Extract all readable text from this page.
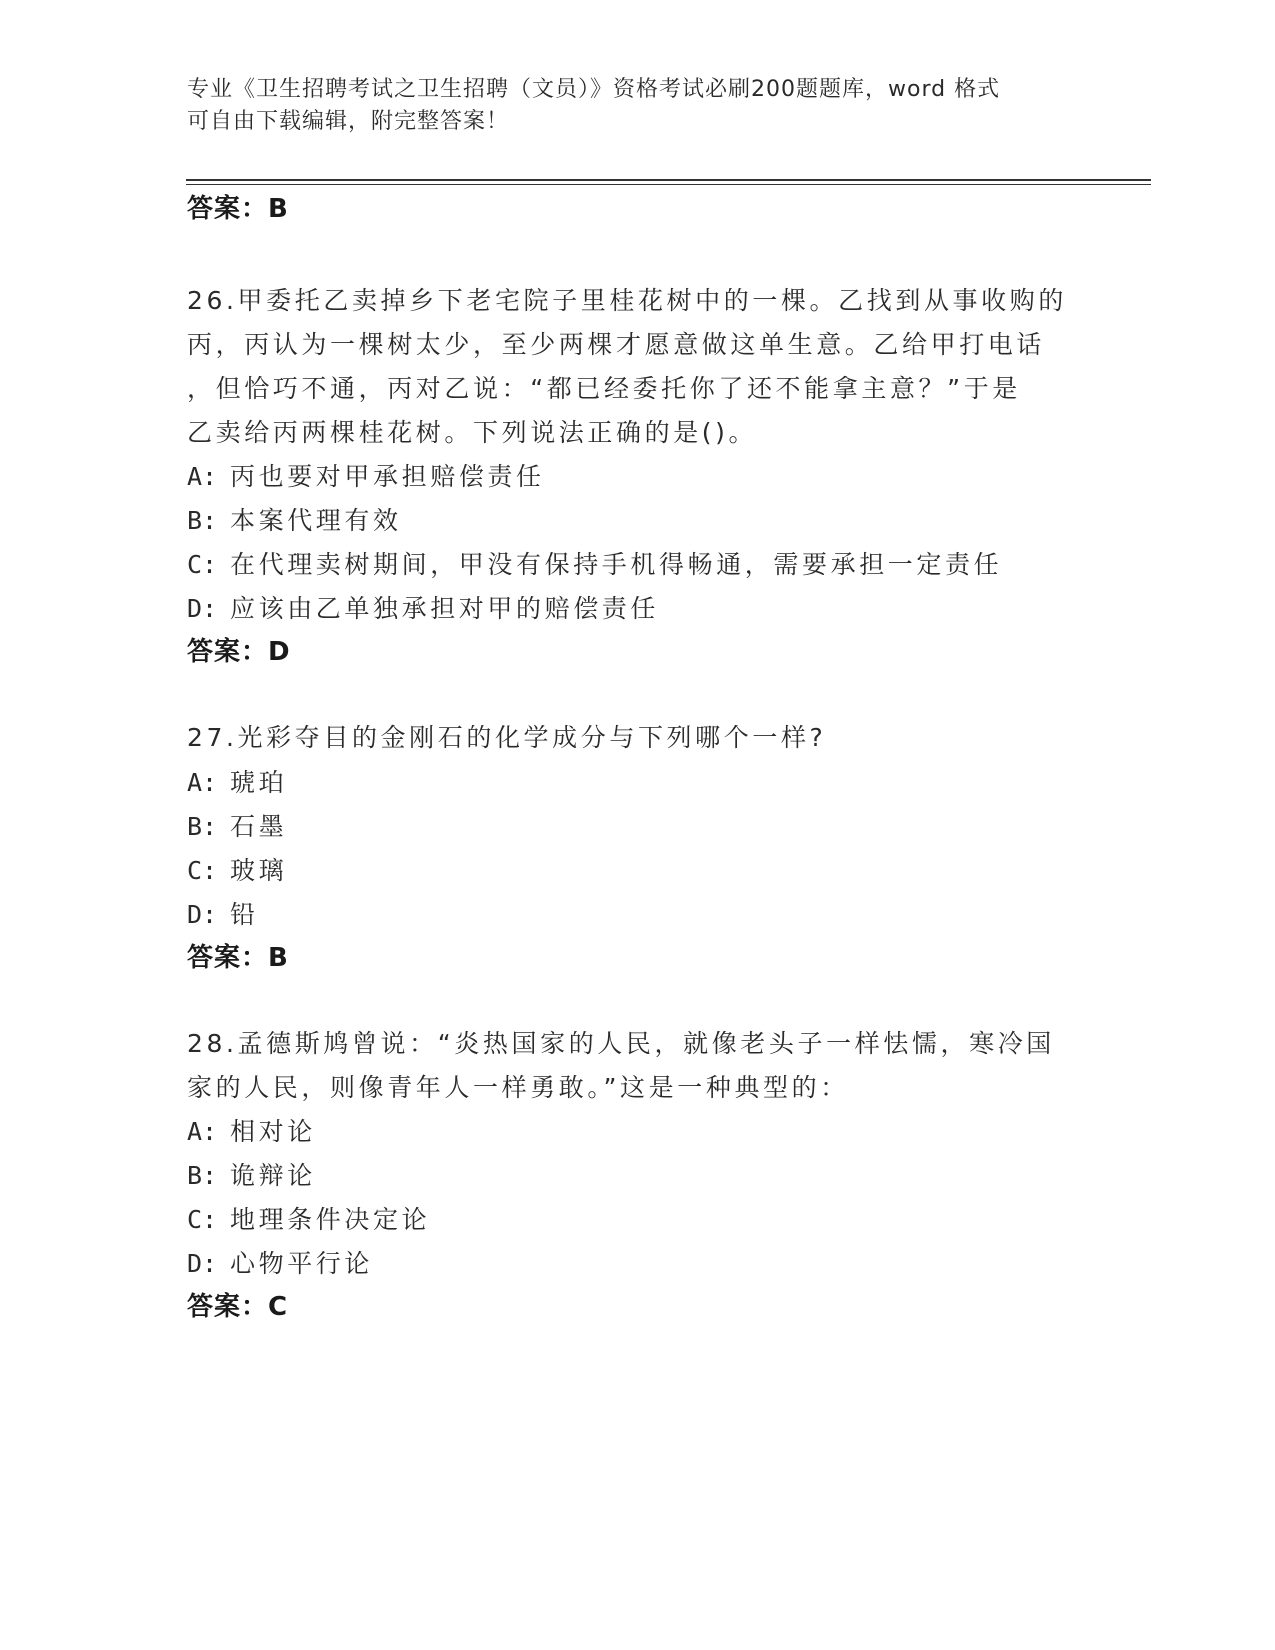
专业《卫生招聘考试之卫生招聘（文员）》资格考试必刷200题题库，word 格式
可自由下载编辑，附完整答案！
答案：B
26.甲委托乙卖掉乡下老宅院子里桂花树中的一棵。乙找到从事收购的
丙，丙认为一棵树太少，至少两棵才愿意做这单生意。乙给甲打电话
，但恰巧不通，丙对乙说：“都已经委托你了还不能拿主意？”于是
乙卖给丙两棵桂花树。下列说法正确的是()。
A: 丙也要对甲承担赔偿责任
B: 本案代理有效
C: 在代理卖树期间，甲没有保持手机得畅通，需要承担一定责任
D: 应该由乙单独承担对甲的赔偿责任
答案：D
27.光彩夺目的金刚石的化学成分与下列哪个一样?
A: 琥珀
B: 石墨
C: 玻璃
D: 铅
答案：B
28.孟德斯鸠曾说：“炎热国家的人民，就像老头子一样怯懦，寒冷国
家的人民，则像青年人一样勇敢。”这是一种典型的：
A: 相对论
B: 诡辩论
C: 地理条件决定论
D: 心物平行论
答案：C
